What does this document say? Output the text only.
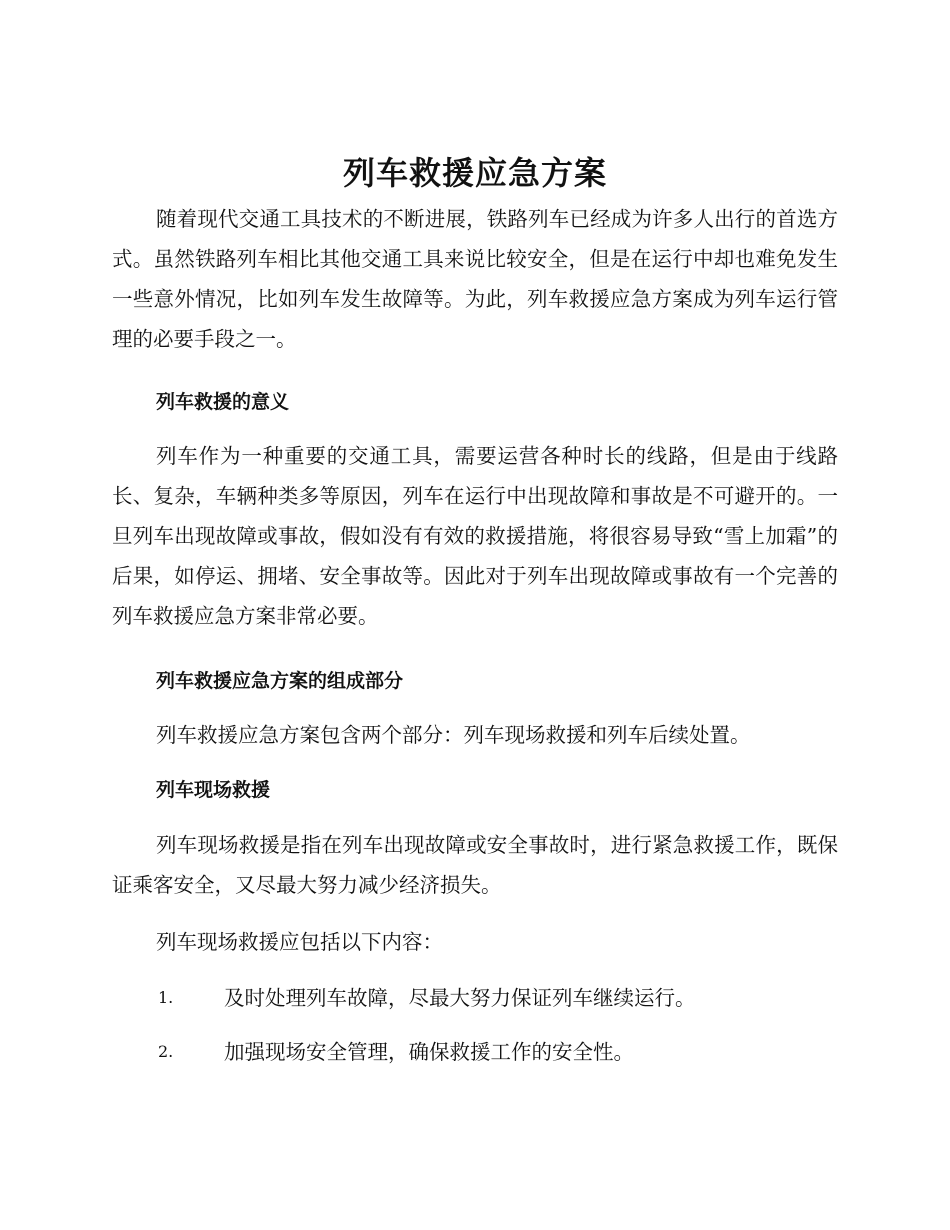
列车救援应急方案

随着现代交通工具技术的不断进展，铁路列车已经成为许多人出行的首选方式。虽然铁路列车相比其他交通工具来说比较安全，但是在运行中却也难免发生一些意外情况，比如列车发生故障等。为此，列车救援应急方案成为列车运行管理的必要手段之一。

列车救援的意义

列车作为一种重要的交通工具，需要运营各种时长的线路，但是由于线路长、复杂，车辆种类多等原因，列车在运行中出现故障和事故是不可避开的。一旦列车出现故障或事故，假如没有有效的救援措施，将很容易导致“雪上加霜”的后果，如停运、拥堵、安全事故等。因此对于列车出现故障或事故有一个完善的列车救援应急方案非常必要。

列车救援应急方案的组成部分

列车救援应急方案包含两个部分：列车现场救援和列车后续处置。

列车现场救援

列车现场救援是指在列车出现故障或安全事故时，进行紧急救援工作，既保证乘客安全，又尽最大努力减少经济损失。

列车现场救援应包括以下内容：

1. 及时处理列车故障，尽最大努力保证列车继续运行。
2. 加强现场安全管理，确保救援工作的安全性。
